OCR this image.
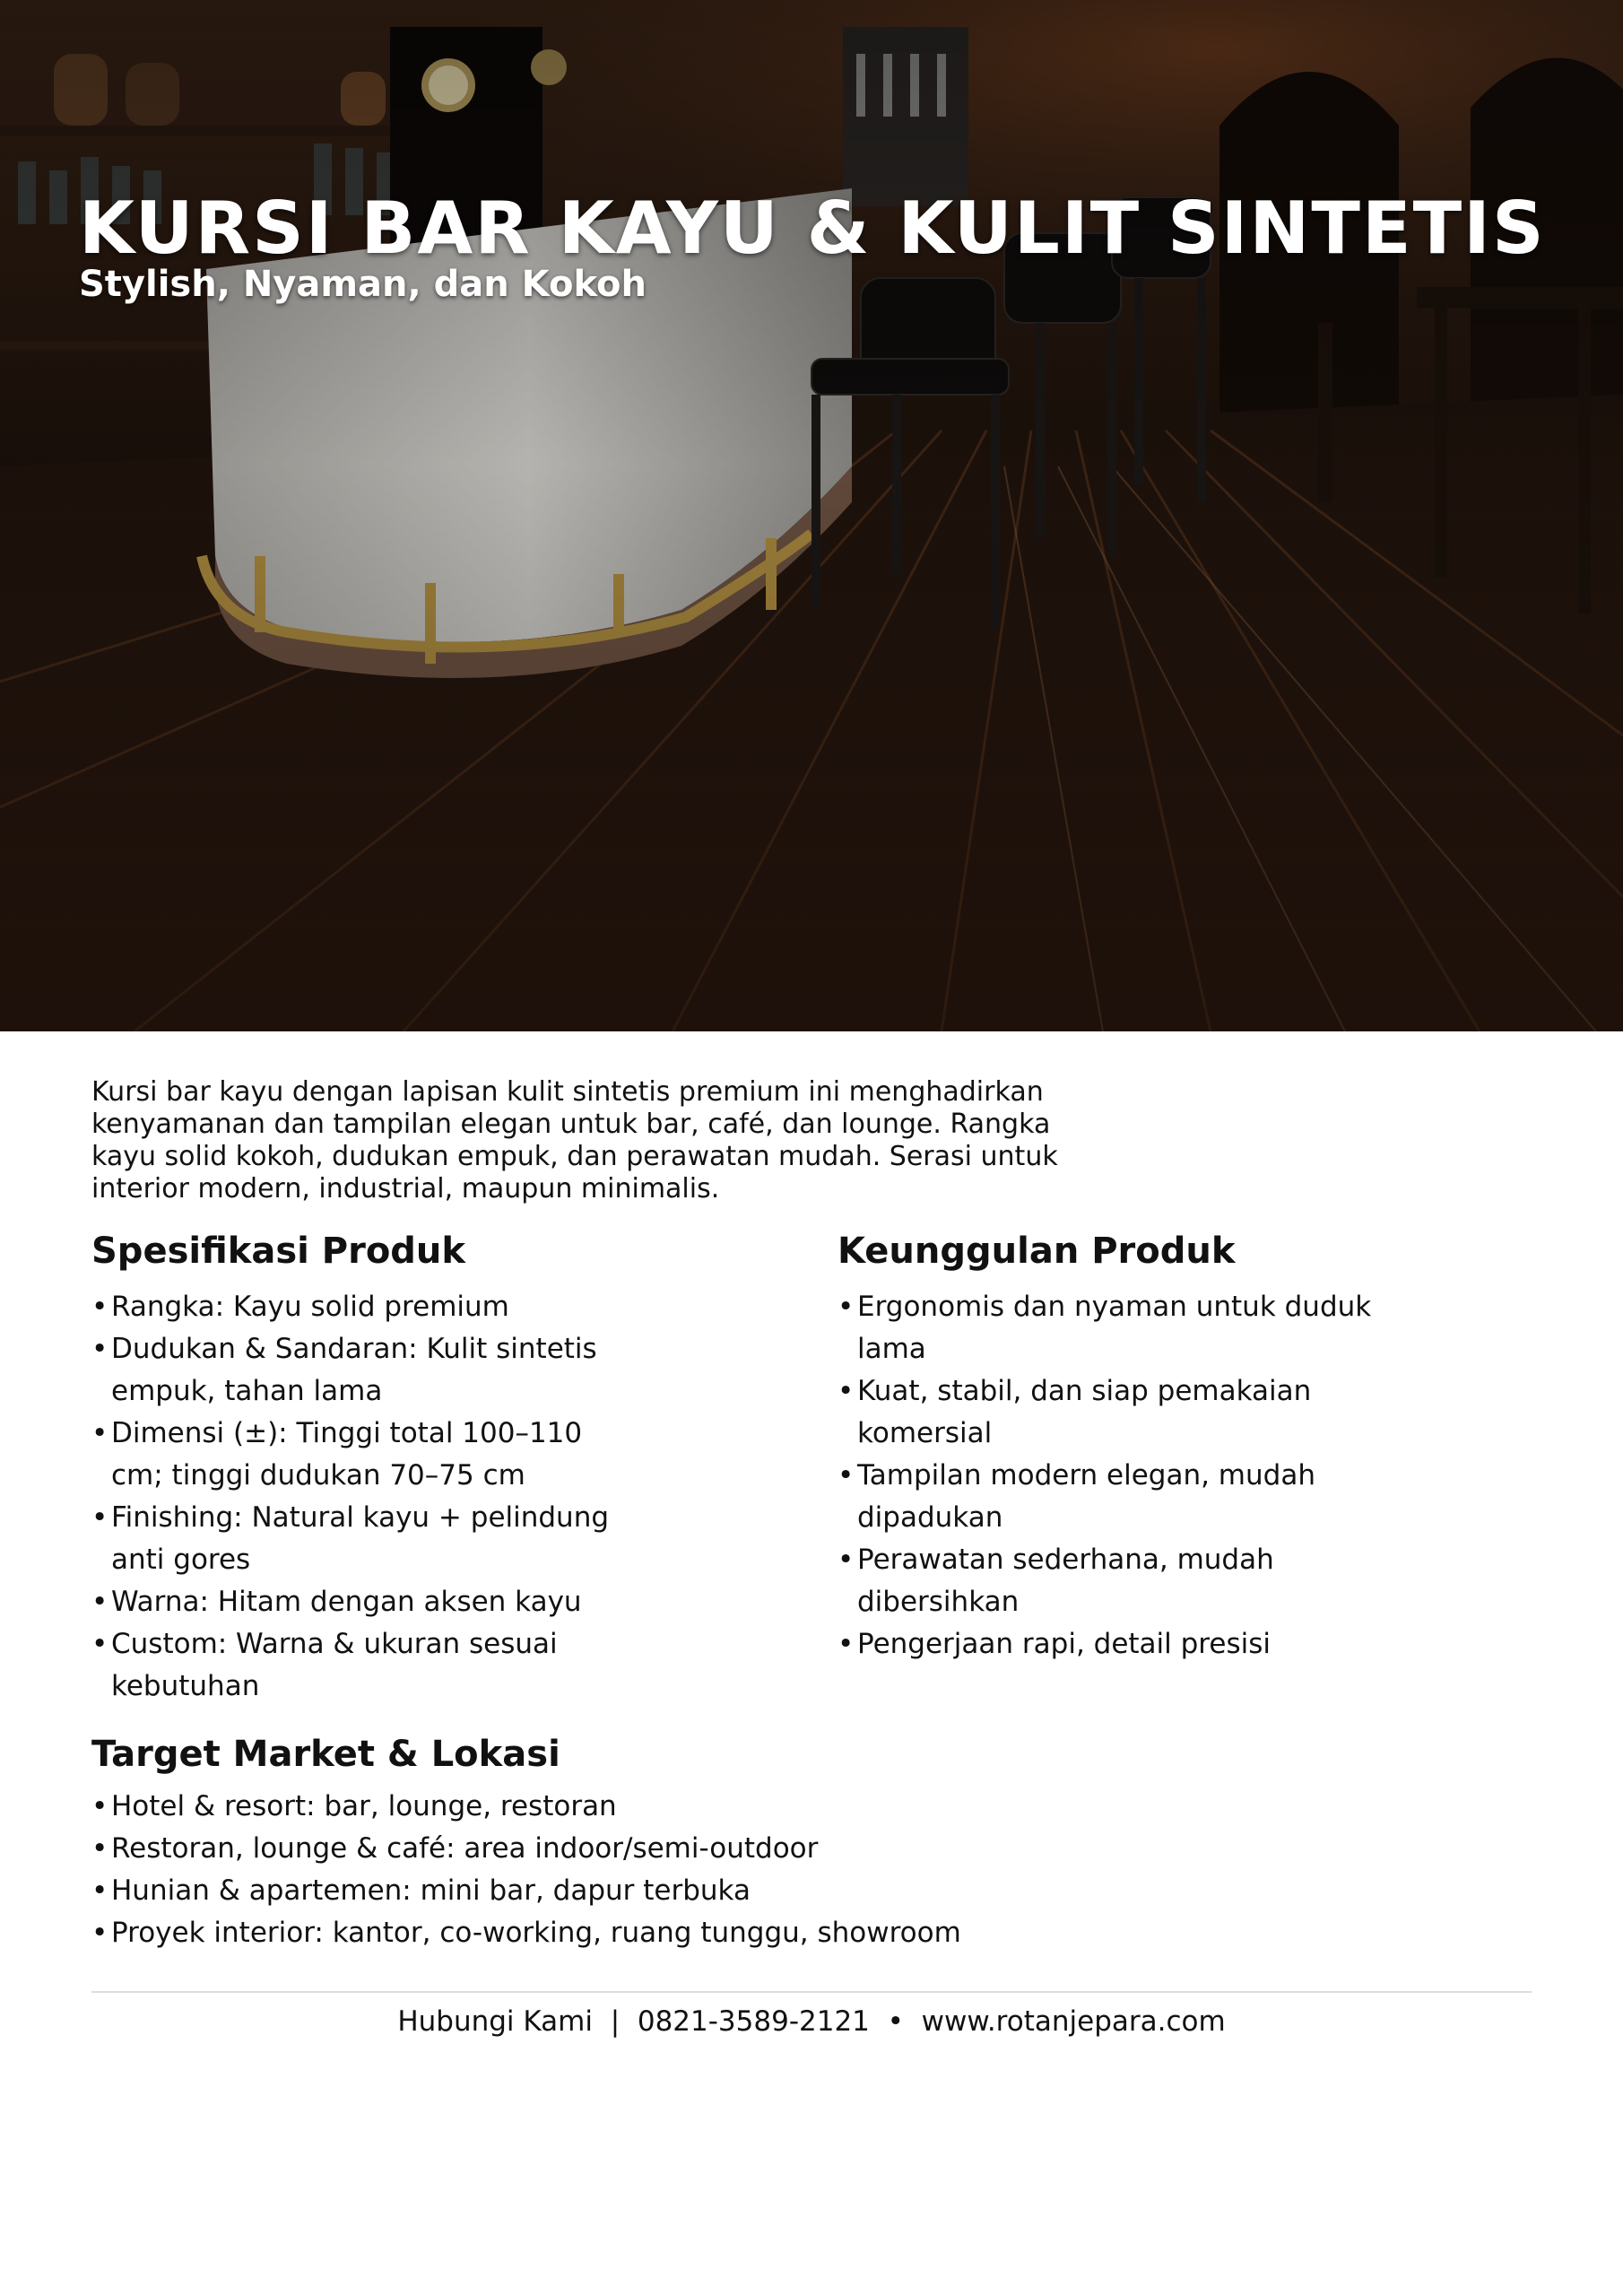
KURSI BAR KAYU & KULIT SINTETIS
Stylish, Nyaman, dan Kokoh

Kursi bar kayu dengan lapisan kulit sintetis premium ini menghadirkan kenyamanan dan tampilan elegan untuk bar, café, dan lounge. Rangka kayu solid kokoh, dudukan empuk, dan perawatan mudah. Serasi untuk interior modern, industrial, maupun minimalis.

Spesifikasi Produk
• Rangka: Kayu solid premium
• Dudukan & Sandaran: Kulit sintetis empuk, tahan lama
• Dimensi (±): Tinggi total 100–110 cm; tinggi dudukan 70–75 cm
• Finishing: Natural kayu + pelindung anti gores
• Warna: Hitam dengan aksen kayu
• Custom: Warna & ukuran sesuai kebutuhan
Keunggulan Produk
• Ergonomis dan nyaman untuk duduk lama
• Kuat, stabil, dan siap pemakaian komersial
• Tampilan modern elegan, mudah dipadukan
• Perawatan sederhana, mudah dibersihkan
• Pengerjaan rapi, detail presisi
Target Market & Lokasi
• Hotel & resort: bar, lounge, restoran
• Restoran, lounge & café: area indoor/semi-outdoor
• Hunian & apartemen: mini bar, dapur terbuka
• Proyek interior: kantor, co-working, ruang tunggu, showroom
Hubungi Kami  |  0821-3589-2121  •  www.rotanjepara.com
